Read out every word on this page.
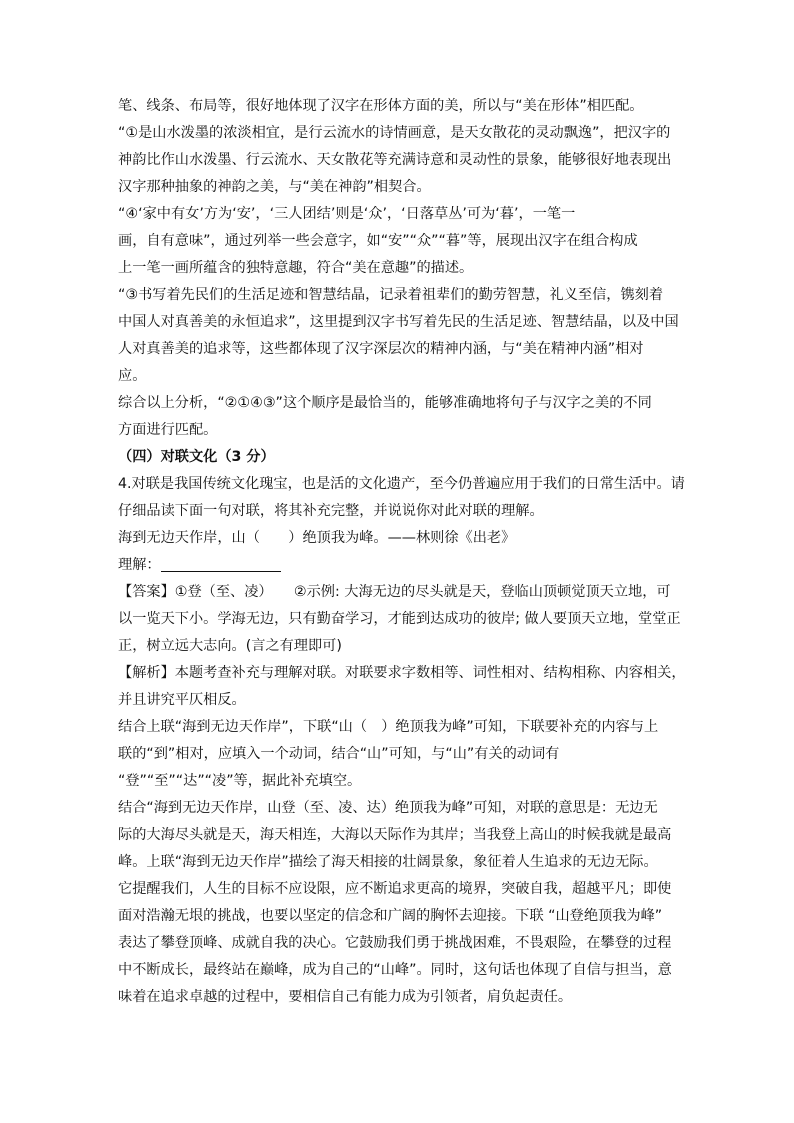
笔、线条、布局等，很好地体现了汉字在形体方面的美，所以与“美在形体”相匹配。
“①是山水泼墨的浓淡相宜，是行云流水的诗情画意，是天女散花的灵动飘逸”，把汉字的
神韵比作山水泼墨、行云流水、天女散花等充满诗意和灵动性的景象，能够很好地表现出
汉字那种抽象的神韵之美，与“美在神韵”相契合。
“④‘家中有女’方为‘安’，‘三人团结’则是‘众’，‘日落草丛’可为‘暮’，一笔一
画，自有意味”，通过列举一些会意字，如“安”“众”“暮”等，展现出汉字在组合构成
上一笔一画所蕴含的独特意趣，符合“美在意趣”的描述。
“③书写着先民们的生活足迹和智慧结晶，记录着祖辈们的勤劳智慧，礼义至信，镌刻着
中国人对真善美的永恒追求”，这里提到汉字书写着先民的生活足迹、智慧结晶，以及中国
人对真善美的追求等，这些都体现了汉字深层次的精神内涵，与“美在精神内涵”相对
应。
综合以上分析，“②①④③”这个顺序是最恰当的，能够准确地将句子与汉字之美的不同
方面进行匹配。
（四）对联文化（3 分）
4.对联是我国传统文化瑰宝，也是活的文化遗产，至今仍普遍应用于我们的日常生活中。请
仔细品读下面一句对联，将其补充完整，并说说你对此对联的理解。
海到无边天作岸，山（　　）绝顶我为峰。——林则徐《出老》
理解：
【答案】①登（至、凌）　　②示例: 大海无边的尽头就是天，登临山顶顿觉顶天立地，可
以一览天下小。学海无边，只有勤奋学习，才能到达成功的彼岸; 做人要顶天立地，堂堂正
正，树立远大志向。(言之有理即可)
【解析】本题考查补充与理解对联。对联要求字数相等、词性相对、结构相称、内容相关，
并且讲究平仄相反。
结合上联“海到无边天作岸”，下联“山（　）绝顶我为峰”可知，下联要补充的内容与上
联的“到”相对，应填入一个动词，结合“山”可知，与“山”有关的动词有
“登”“至”“达”“凌”等，据此补充填空。
结合“海到无边天作岸，山登（至、凌、达）绝顶我为峰”可知，对联的意思是：无边无
际的大海尽头就是天，海天相连，大海以天际作为其岸；当我登上高山的时候我就是最高
峰。上联“海到无边天作岸”描绘了海天相接的壮阔景象，象征着人生追求的无边无际。
它提醒我们，人生的目标不应设限，应不断追求更高的境界，突破自我，超越平凡；即使
面对浩瀚无垠的挑战，也要以坚定的信念和广阔的胸怀去迎接。下联 “山登绝顶我为峰”
表达了攀登顶峰、成就自我的决心。它鼓励我们勇于挑战困难，不畏艰险，在攀登的过程
中不断成长，最终站在巅峰，成为自己的“山峰”。同时，这句话也体现了自信与担当，意
味着在追求卓越的过程中，要相信自己有能力成为引领者，肩负起责任。
